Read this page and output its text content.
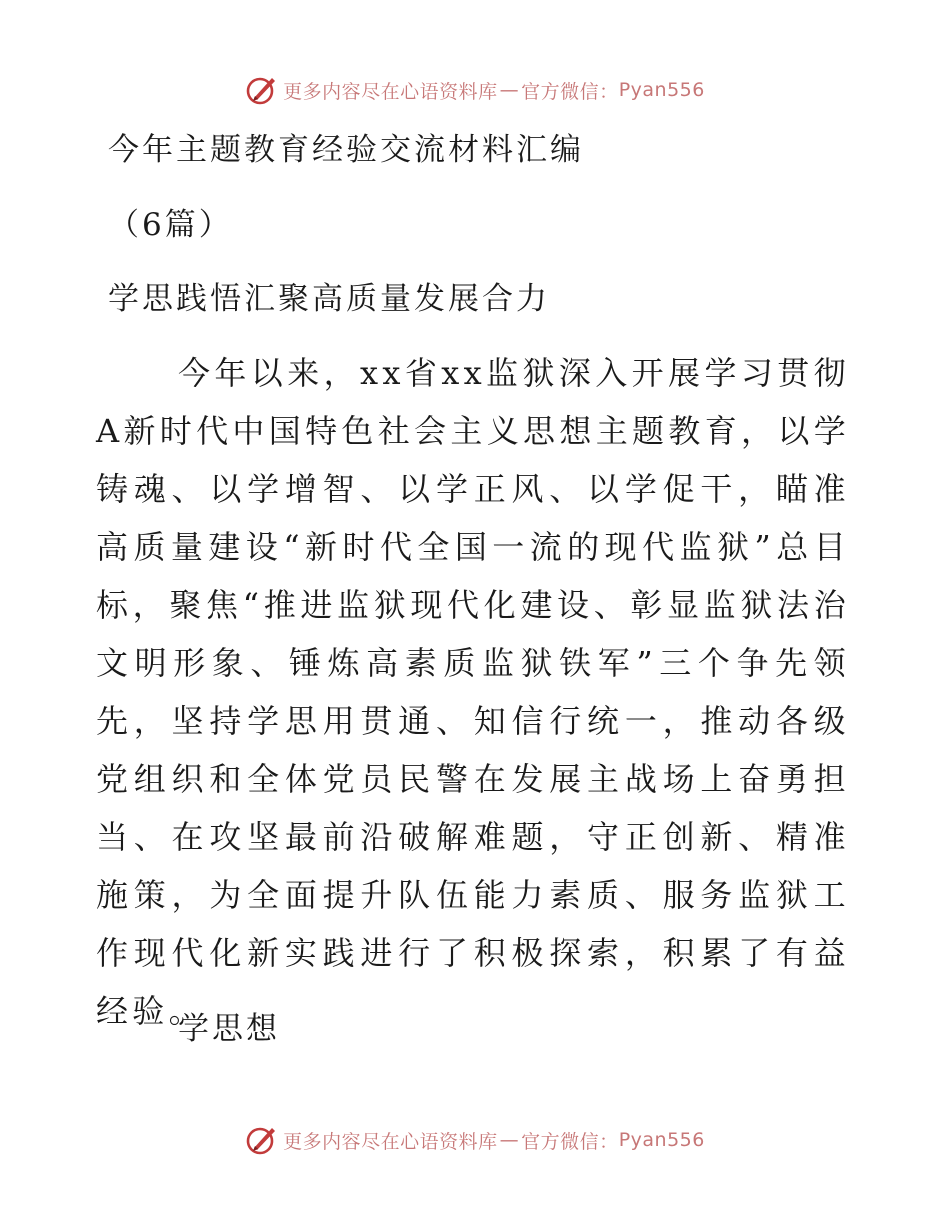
更多内容尽在心语资料库 — 官方微信： Pyan556
今年主题教育经验交流材料汇编
（6篇）
学思践悟汇聚高质量发展合力

今年以来，xx省xx监狱深入开展学习贯彻A新时代中国特色社会主义思想主题教育，以学铸魂、以学增智、以学正风、以学促干，瞄准高质量建设“新时代全国一流的现代监狱”总目标，聚焦“推进监狱现代化建设、彰显监狱法治文明形象、锤炼高素质监狱铁军”三个争先领先，坚持学思用贯通、知信行统一，推动各级党组织和全体党员民警在发展主战场上奋勇担当、在攻坚最前沿破解难题，守正创新、精准施策，为全面提升队伍能力素质、服务监狱工作现代化新实践进行了积极探索，积累了有益经验。

学思想
更多内容尽在心语资料库 — 官方微信： Pyan556
